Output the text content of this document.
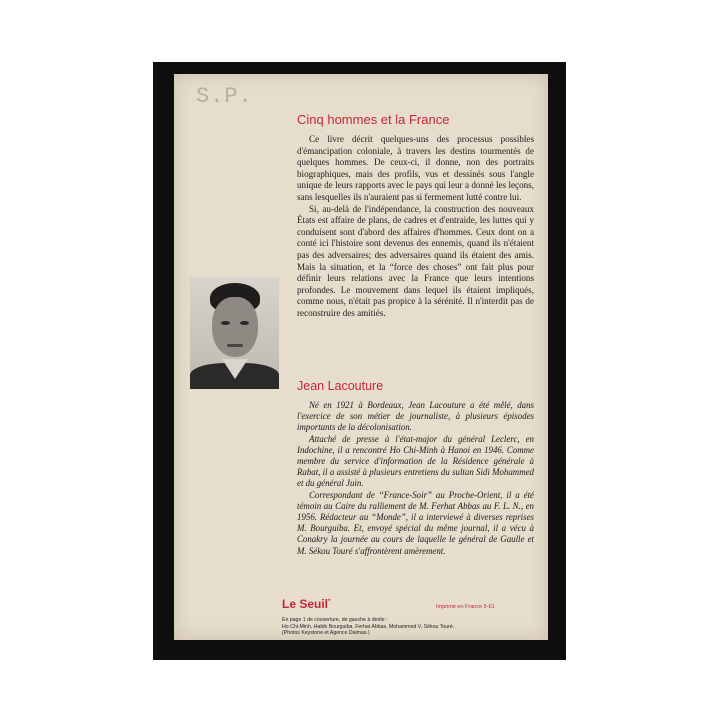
S.P.
Cinq hommes et la France

Ce livre décrit quelques-uns des processus possibles d'émancipation coloniale, à travers les destins tourmentés de quelques hommes. De ceux-ci, il donne, non des portraits biographiques, mais des profils, vus et dessinés sous l'angle unique de leurs rapports avec le pays qui leur a donné les leçons, sans lesquelles ils n'auraient pas si fermement lutté contre lui.

Si, au-delà de l'indépendance, la construction des nouveaux États est affaire de plans, de cadres et d'entraide, les luttes qui y conduisent sont d'abord des affaires d'hommes. Ceux dont on a conté ici l'histoire sont devenus des ennemis, quand ils n'étaient pas des adversaires; des adversaires quand ils étaient des amis. Mais la situation, et la “force des choses” ont fait plus pour définir leurs relations avec la France que leurs intentions profondes. Le mouvement dans lequel ils étaient impliqués, comme nous, n'était pas propice à la sérénité. Il n'interdit pas de reconstruire des amitiés.

Jean Lacouture

Né en 1921 à Bordeaux, Jean Lacouture a été mêlé, dans l'exercice de son métier de journaliste, à plusieurs épisodes importants de la décolonisation.

Attaché de presse à l'état-major du général Leclerc, en Indochine, il a rencontré Ho Chi-Minh à Hanoi en 1946. Comme membre du service d'information de la Résidence générale à Rabat, il a assisté à plusieurs entretiens du sultan Sidi Mohammed et du général Juin.

Correspondant de “France-Soir” au Proche-Orient, il a été témoin au Caire du ralliement de M. Ferhat Abbas au F. L. N., en 1956. Rédacteur au “Monde”, il a interviewé à diverses reprises M. Bourguiba. Et, envoyé spécial du même journal, il a vécu à Conakry la journée au cours de laquelle le général de Gaulle et M. Sékou Touré s'affrontèrent amèrement.

Le Seuil*
Imprimé en France 5-61
En page 1 de couverture, de gauche à droite :
Ho Chi-Minh, Habib Bourguiba, Ferhat Abbas, Mohammed V, Sékou Touré.
(Photos Keystone et Agence Dalmas.)
